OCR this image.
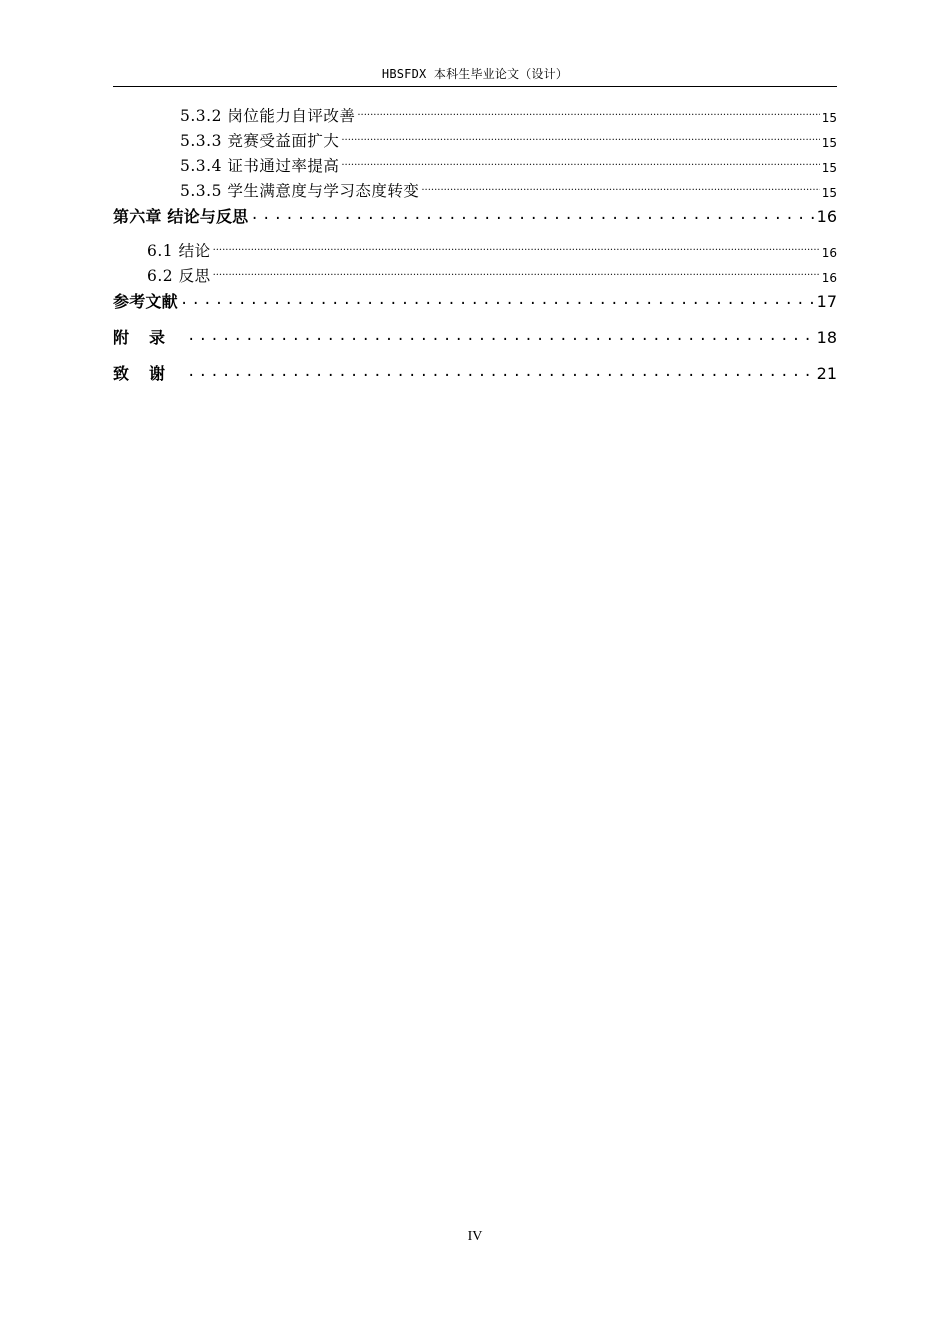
HBSFDX 本科生毕业论文（设计）
5.3.2 岗位能力自评改善 .....	15
5.3.3 竞赛受益面扩大 .....	15
5.3.4 证书通过率提高 .....	15
5.3.5 学生满意度与学习态度转变 .....	15
第六章 结论与反思 .....	16
6.1 结论 .....	16
6.2 反思 .....	16
参考文献 .....	17
附录 .....	18
致谢 .....	21
IV
